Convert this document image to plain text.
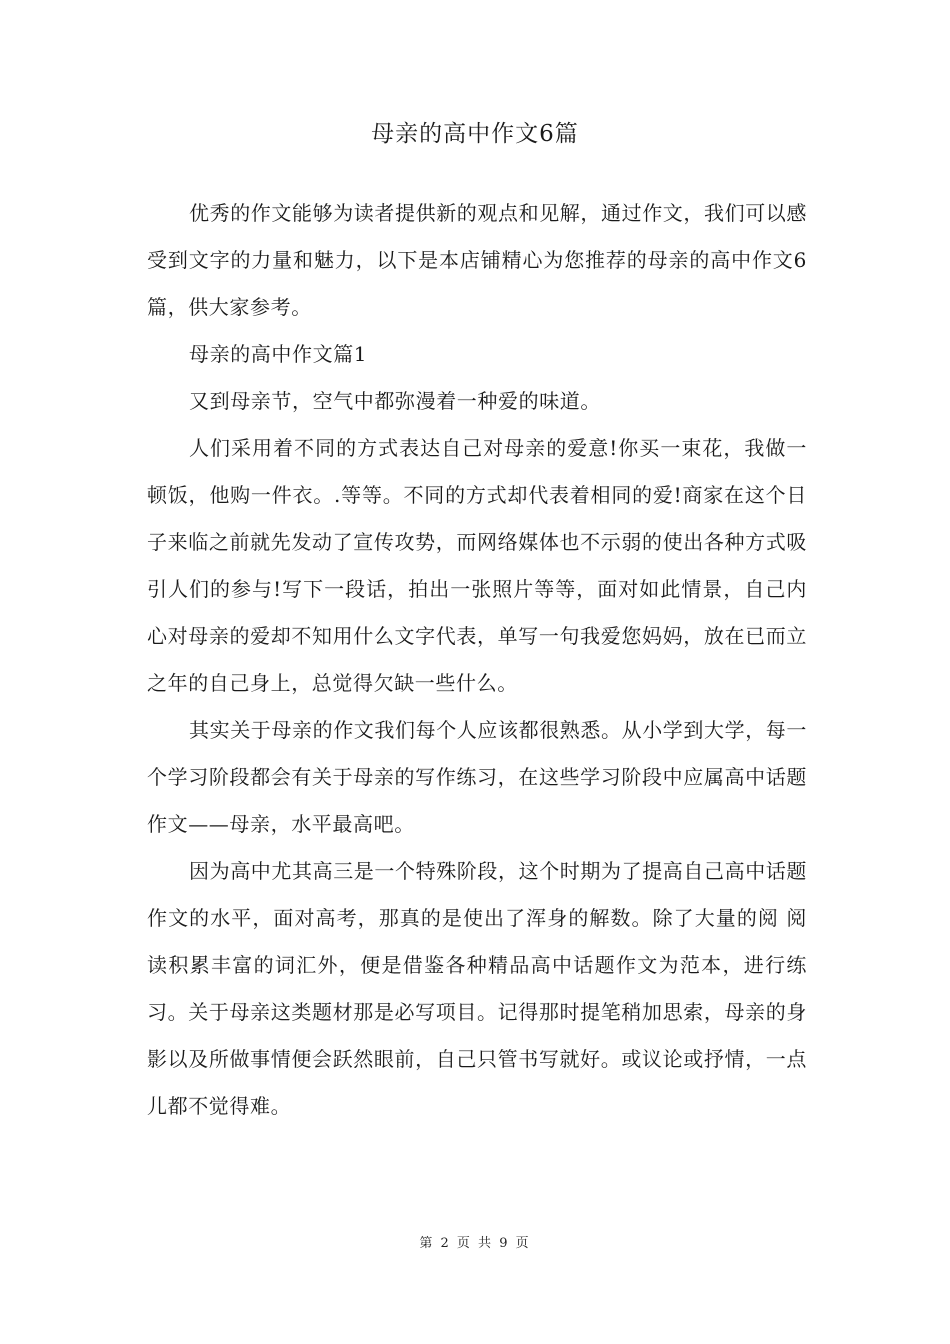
母亲的高中作文6篇

优秀的作文能够为读者提供新的观点和见解，通过作文，我们可以感受到文字的力量和魅力，以下是本店铺精心为您推荐的母亲的高中作文6篇，供大家参考。

母亲的高中作文篇1

又到母亲节，空气中都弥漫着一种爱的味道。

人们采用着不同的方式表达自己对母亲的爱意!你买一束花，我做一顿饭，他购一件衣。.等等。不同的方式却代表着相同的爱!商家在这个日子来临之前就先发动了宣传攻势，而网络媒体也不示弱的使出各种方式吸引人们的参与!写下一段话，拍出一张照片等等，面对如此情景，自己内心对母亲的爱却不知用什么文字代表，单写一句我爱您妈妈，放在已而立之年的自己身上，总觉得欠缺一些什么。

其实关于母亲的作文我们每个人应该都很熟悉。从小学到大学，每一个学习阶段都会有关于母亲的写作练习，在这些学习阶段中应属高中话题作文——母亲，水平最高吧。

因为高中尤其高三是一个特殊阶段，这个时期为了提高自己高中话题作文的水平，面对高考，那真的是使出了浑身的解数。除了大量的阅 阅读积累丰富的词汇外，便是借鉴各种精品高中话题作文为范本，进行练习。关于母亲这类题材那是必写项目。记得那时提笔稍加思索，母亲的身影以及所做事情便会跃然眼前，自己只管书写就好。或议论或抒情，一点儿都不觉得难。

第 2 页 共 9 页
